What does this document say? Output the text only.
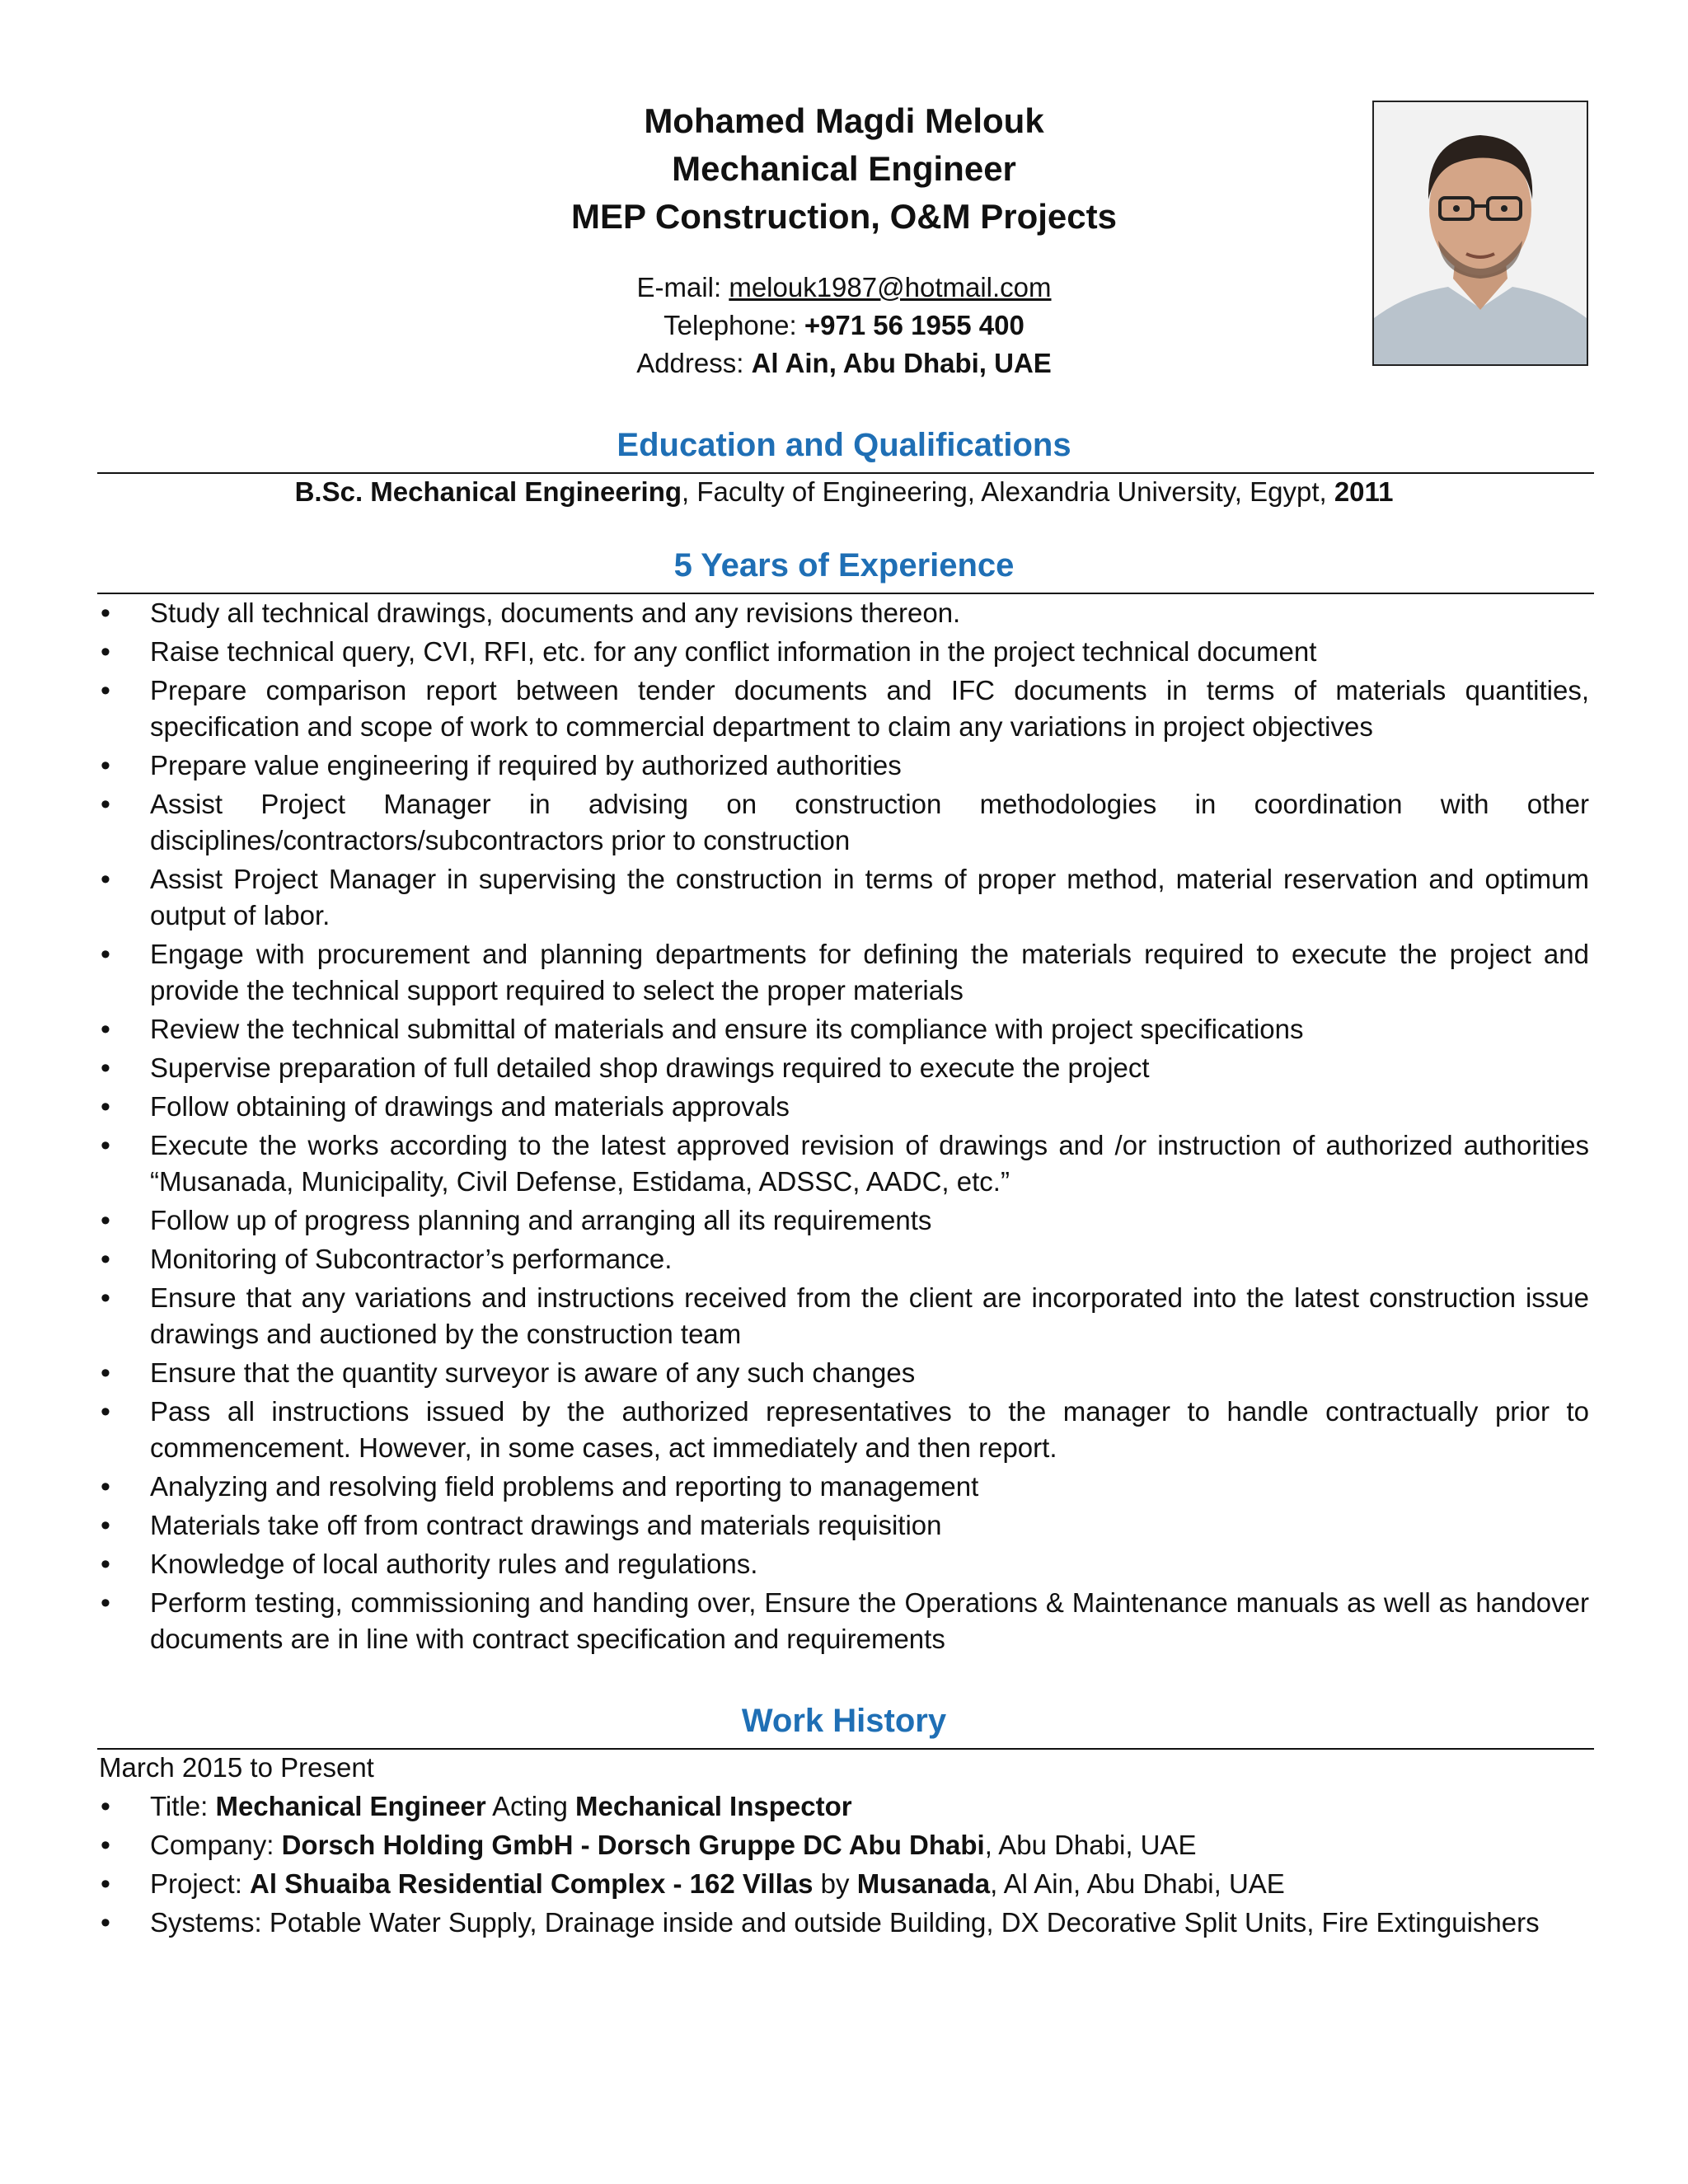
Mohamed Magdi Melouk
Mechanical Engineer
MEP Construction, O&M Projects
E-mail: melouk1987@hotmail.com
Telephone: +971 56 1955 400
Address: Al Ain, Abu Dhabi, UAE
Education and Qualifications
B.Sc. Mechanical Engineering, Faculty of Engineering, Alexandria University, Egypt, 2011
5 Years of Experience
• Study all technical drawings, documents and any revisions thereon.
• Raise technical query, CVI, RFI, etc. for any conflict information in the project technical document
• Prepare comparison report between tender documents and IFC documents in terms of materials quantities, specification and scope of work to commercial department to claim any variations in project objectives
• Prepare value engineering if required by authorized authorities
• Assist Project Manager in advising on construction methodologies in coordination with other disciplines/contractors/subcontractors prior to construction
• Assist Project Manager in supervising the construction in terms of proper method, material reservation and optimum output of labor.
• Engage with procurement and planning departments for defining the materials required to execute the project and provide the technical support required to select the proper materials
• Review the technical submittal of materials and ensure its compliance with project specifications
• Supervise preparation of full detailed shop drawings required to execute the project
• Follow obtaining of drawings and materials approvals
• Execute the works according to the latest approved revision of drawings and /or instruction of authorized authorities “Musanada, Municipality, Civil Defense, Estidama, ADSSC, AADC, etc.”
• Follow up of progress planning and arranging all its requirements
• Monitoring of Subcontractor’s performance.
• Ensure that any variations and instructions received from the client are incorporated into the latest construction issue drawings and auctioned by the construction team
• Ensure that the quantity surveyor is aware of any such changes
• Pass all instructions issued by the authorized representatives to the manager to handle contractually prior to commencement. However, in some cases, act immediately and then report.
• Analyzing and resolving field problems and reporting to management
• Materials take off from contract drawings and materials requisition
• Knowledge of local authority rules and regulations.
• Perform testing, commissioning and handing over, Ensure the Operations & Maintenance manuals as well as handover documents are in line with contract specification and requirements
Work History
March 2015 to Present
• Title: Mechanical Engineer Acting Mechanical Inspector
• Company: Dorsch Holding GmbH - Dorsch Gruppe DC Abu Dhabi, Abu Dhabi, UAE
• Project: Al Shuaiba Residential Complex - 162 Villas by Musanada, Al Ain, Abu Dhabi, UAE
• Systems: Potable Water Supply, Drainage inside and outside Building, DX Decorative Split Units, Fire Extinguishers
